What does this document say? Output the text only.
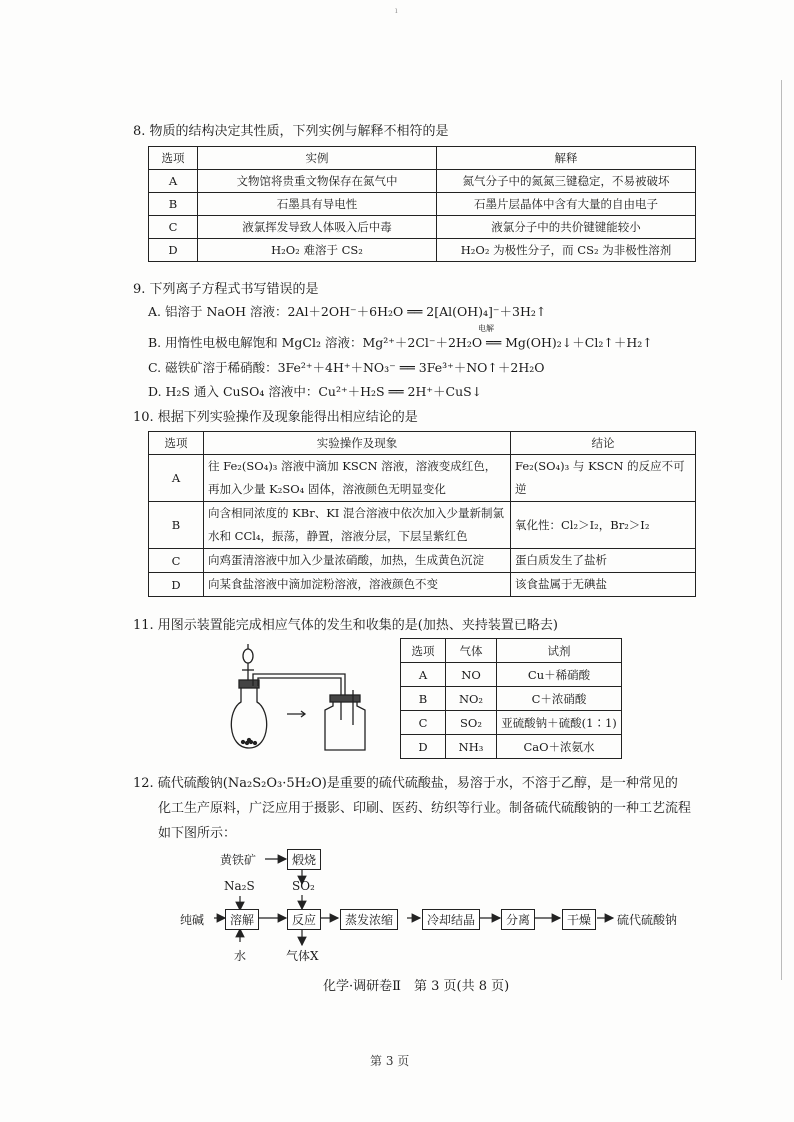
ı
8. 物质的结构决定其性质，下列实例与解释不相符的是
选项	实例	解释
A	文物馆将贵重文物保存在氮气中	氮气分子中的氮氮三键稳定，不易被破坏
B	石墨具有导电性	石墨片层晶体中含有大量的自由电子
C	液氯挥发导致人体吸入后中毒	液氯分子中的共价键键能较小
D	H₂O₂ 难溶于 CS₂	H₂O₂ 为极性分子，而 CS₂ 为非极性溶剂
9. 下列离子方程式书写错误的是
A. 铝溶于 NaOH 溶液：2Al＋2OH⁻＋6H₂O ══ 2[Al(OH)₄]⁻＋3H₂↑
电解
B. 用惰性电极电解饱和 MgCl₂ 溶液：Mg²⁺＋2Cl⁻＋2H₂O ══ Mg(OH)₂↓＋Cl₂↑＋H₂↑
C. 磁铁矿溶于稀硝酸：3Fe²⁺＋4H⁺＋NO₃⁻ ══ 3Fe³⁺＋NO↑＋2H₂O
D. H₂S 通入 CuSO₄ 溶液中：Cu²⁺＋H₂S ══ 2H⁺＋CuS↓
10. 根据下列实验操作及现象能得出相应结论的是
选项	实验操作及现象	结论
A	往 Fe₂(SO₄)₃ 溶液中滴加 KSCN 溶液，溶液变成红色，再加入少量 K₂SO₄ 固体，溶液颜色无明显变化	Fe₂(SO₄)₃ 与 KSCN 的反应不可逆
B	向含相同浓度的 KBr、KI 混合溶液中依次加入少量新制氯水和 CCl₄，振荡，静置，溶液分层，下层呈紫红色	氧化性：Cl₂＞I₂，Br₂＞I₂
C	向鸡蛋清溶液中加入少量浓硝酸，加热，生成黄色沉淀	蛋白质发生了盐析
D	向某食盐溶液中滴加淀粉溶液，溶液颜色不变	该食盐属于无碘盐
11. 用图示装置能完成相应气体的发生和收集的是(加热、夹持装置已略去)
选项	气体	试剂
A	NO	Cu＋稀硝酸
B	NO₂	C＋浓硝酸
C	SO₂	亚硫酸钠＋硫酸(1∶1)
D	NH₃	CaO＋浓氨水
12. 硫代硫酸钠(Na₂S₂O₃·5H₂O)是重要的硫代硫酸盐，易溶于水，不溶于乙醇，是一种常见的
化工生产原料，广泛应用于摄影、印刷、医药、纺织等行业。制备硫代硫酸钠的一种工艺流程
如下图所示：
黄铁矿	煅烧
Na₂S	SO₂
纯碱	溶解	反应	蒸发浓缩	冷却结晶	分离	干燥	硫代硫酸钠
水	气体X
化学·调研卷Ⅱ　第 3 页(共 8 页)
第 3 页
